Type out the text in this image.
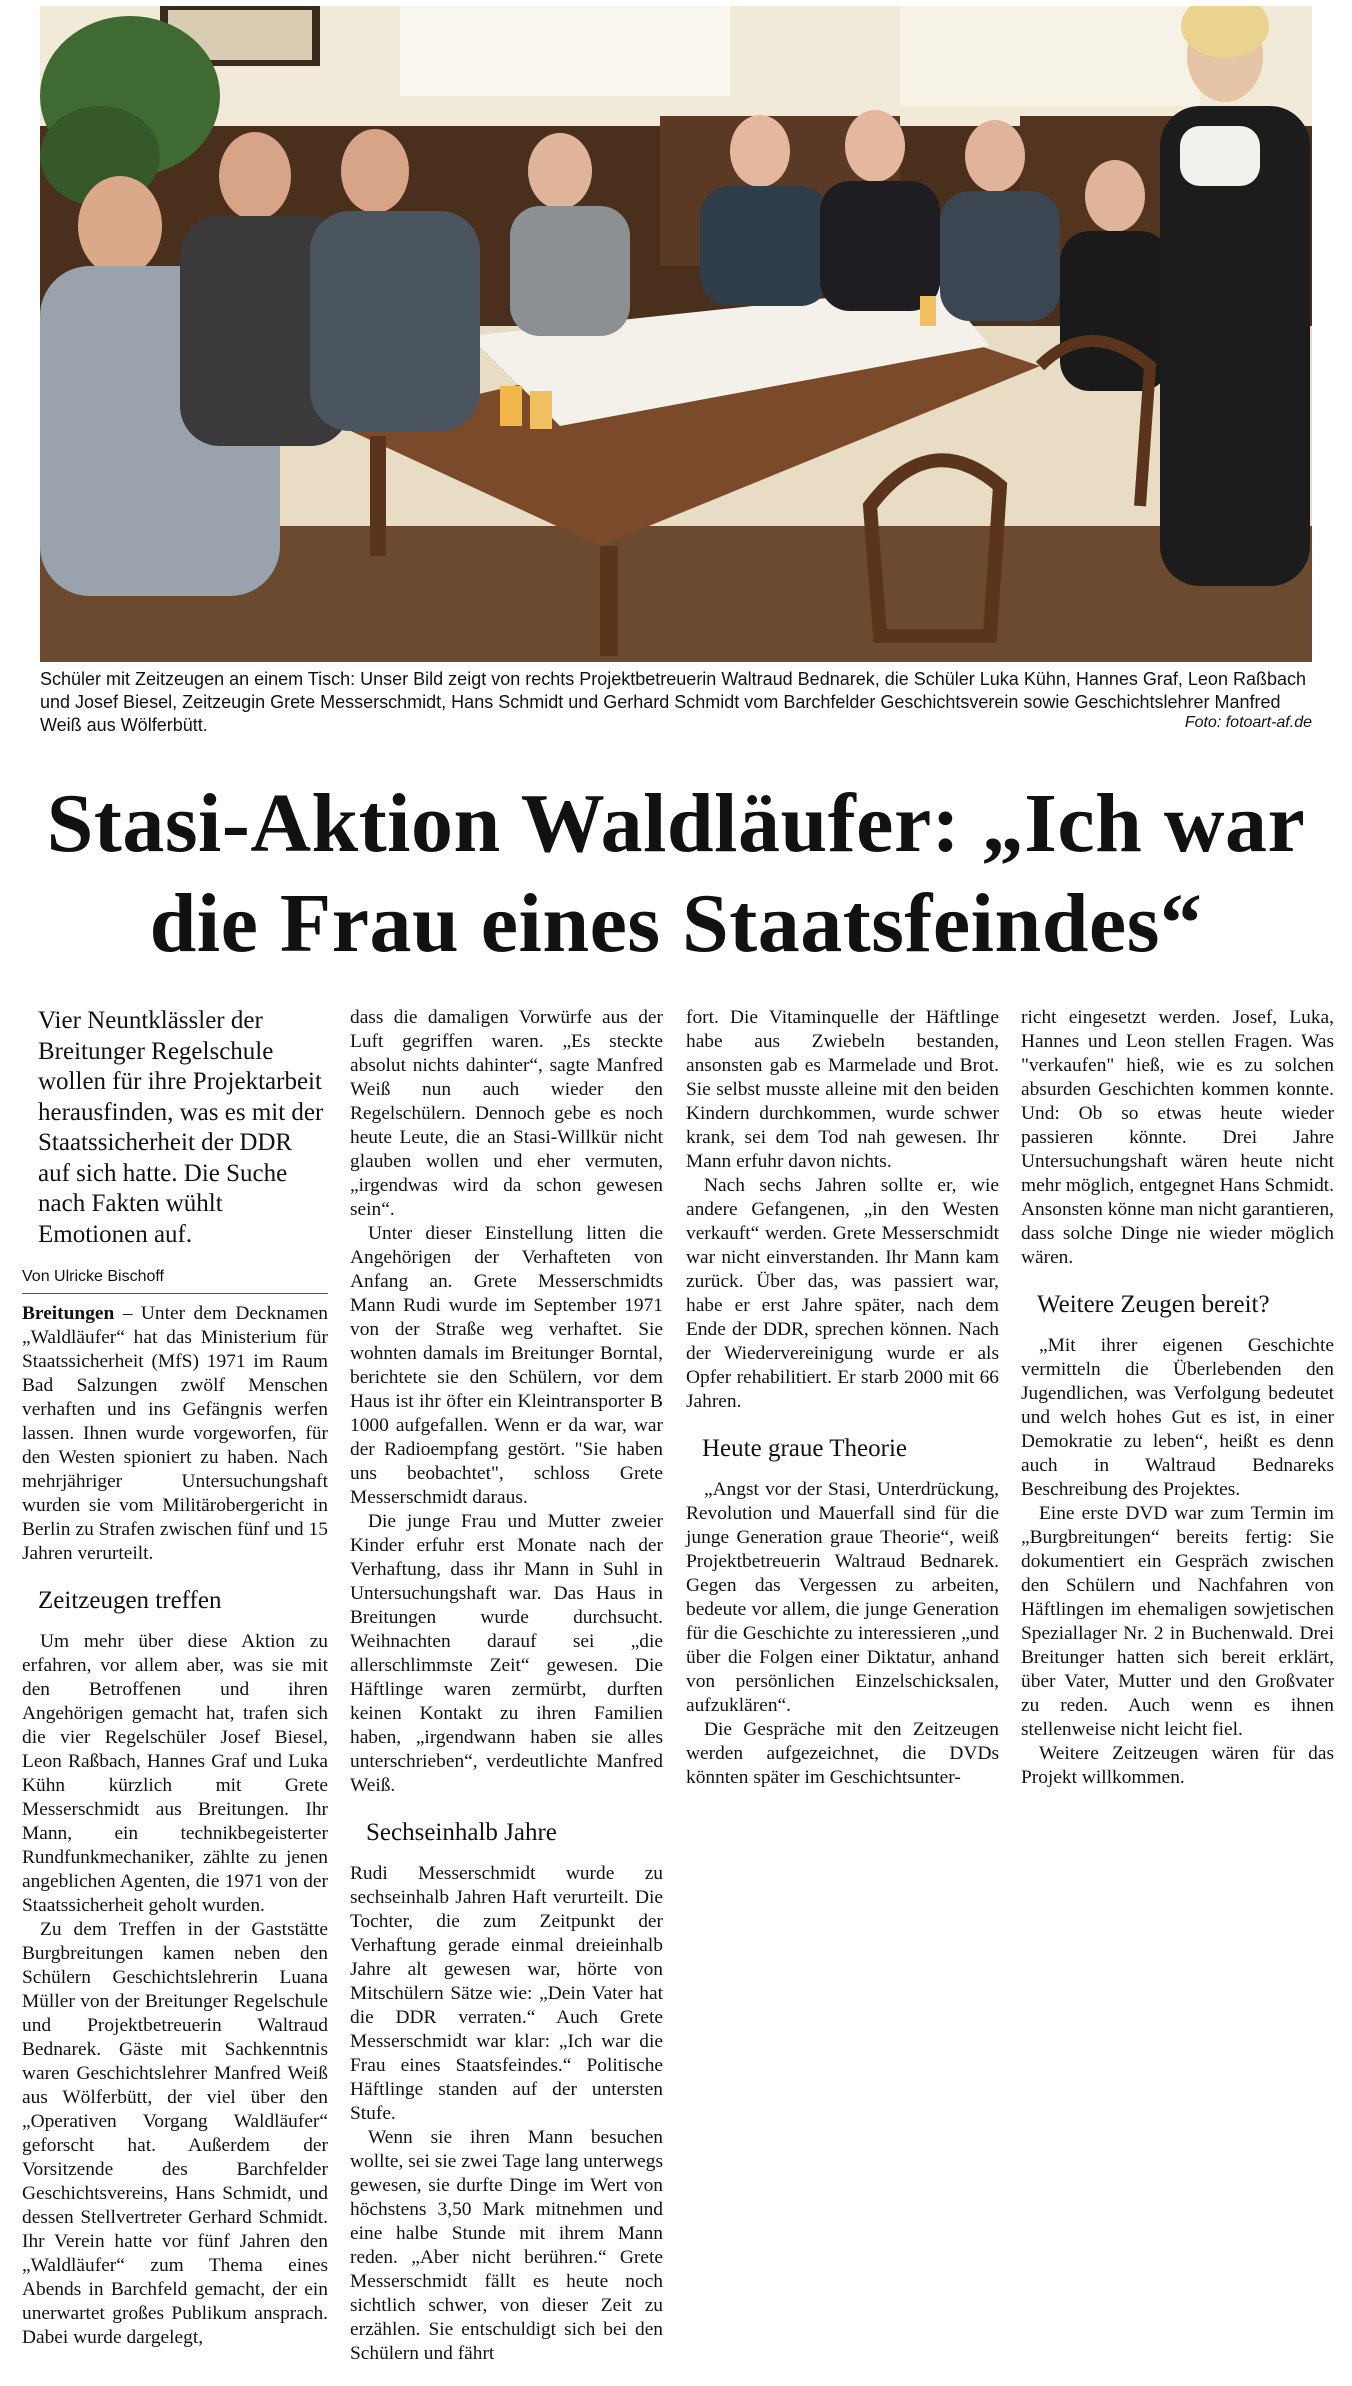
Schüler mit Zeitzeugen an einem Tisch: Unser Bild zeigt von rechts Projektbetreuerin Waltraud Bednarek, die Schüler Luka Kühn, Hannes Graf, Leon Raßbach und Josef Biesel, Zeitzeugin Grete Messerschmidt, Hans Schmidt und Gerhard Schmidt vom Barchfelder Geschichtsverein sowie Geschichtslehrer Manfred Weiß aus Wölferbütt.	Foto: fotoart-af.de
Stasi-Aktion Waldläufer: „Ich war
die Frau eines Staatsfeindes“
Vier Neuntklässler der Breitunger Regelschule wollen für ihre Projektarbeit herausfinden, was es mit der Staatssicherheit der DDR auf sich hatte. Die Suche nach Fakten wühlt Emotionen auf.
Von Ulricke Bischoff

Breitungen – Unter dem Decknamen „Waldläufer“ hat das Ministerium für Staatssicherheit (MfS) 1971 im Raum Bad Salzungen zwölf Menschen verhaften und ins Gefängnis werfen lassen. Ihnen wurde vorgeworfen, für den Westen spioniert zu haben. Nach mehrjähriger Untersuchungshaft wurden sie vom Militärobergericht in Berlin zu Strafen zwischen fünf und 15 Jahren verurteilt.

Zeitzeugen treffen

Um mehr über diese Aktion zu erfahren, vor allem aber, was sie mit den Betroffenen und ihren Angehörigen gemacht hat, trafen sich die vier Regelschüler Josef Biesel, Leon Raßbach, Hannes Graf und Luka Kühn kürzlich mit Grete Messerschmidt aus Breitungen. Ihr Mann, ein technikbegeisterter Rundfunkmechaniker, zählte zu jenen angeblichen Agenten, die 1971 von der Staatssicherheit geholt wurden.

Zu dem Treffen in der Gaststätte Burgbreitungen kamen neben den Schülern Geschichtslehrerin Luana Müller von der Breitunger Regelschule und Projektbetreuerin Waltraud Bednarek. Gäste mit Sachkenntnis waren Geschichtslehrer Manfred Weiß aus Wölferbütt, der viel über den „Operativen Vorgang Waldläufer“ geforscht hat. Außerdem der Vorsitzende des Barchfelder Geschichtsvereins, Hans Schmidt, und dessen Stellvertreter Gerhard Schmidt. Ihr Verein hatte vor fünf Jahren den „Waldläufer“ zum Thema eines Abends in Barchfeld gemacht, der ein unerwartet großes Publikum ansprach. Dabei wurde dargelegt,

dass die damaligen Vorwürfe aus der Luft gegriffen waren. „Es steckte absolut nichts dahinter“, sagte Manfred Weiß nun auch wieder den Regelschülern. Dennoch gebe es noch heute Leute, die an Stasi-Willkür nicht glauben wollen und eher vermuten, „irgendwas wird da schon gewesen sein“.

Unter dieser Einstellung litten die Angehörigen der Verhafteten von Anfang an. Grete Messerschmidts Mann Rudi wurde im September 1971 von der Straße weg verhaftet. Sie wohnten damals im Breitunger Borntal, berichtete sie den Schülern, vor dem Haus ist ihr öfter ein Kleintransporter B 1000 aufgefallen. Wenn er da war, war der Radioempfang gestört. "Sie haben uns beobachtet", schloss Grete Messerschmidt daraus.

Die junge Frau und Mutter zweier Kinder erfuhr erst Monate nach der Verhaftung, dass ihr Mann in Suhl in Untersuchungshaft war. Das Haus in Breitungen wurde durchsucht. Weihnachten darauf sei „die allerschlimmste Zeit“ gewesen. Die Häftlinge waren zermürbt, durften keinen Kontakt zu ihren Familien haben, „irgendwann haben sie alles unterschrieben“, verdeutlichte Manfred Weiß.

Sechseinhalb Jahre

Rudi Messerschmidt wurde zu sechseinhalb Jahren Haft verurteilt. Die Tochter, die zum Zeitpunkt der Verhaftung gerade einmal dreieinhalb Jahre alt gewesen war, hörte von Mitschülern Sätze wie: „Dein Vater hat die DDR verraten.“ Auch Grete Messerschmidt war klar: „Ich war die Frau eines Staatsfeindes.“ Politische Häftlinge standen auf der untersten Stufe.

Wenn sie ihren Mann besuchen wollte, sei sie zwei Tage lang unterwegs gewesen, sie durfte Dinge im Wert von höchstens 3,50 Mark mitnehmen und eine halbe Stunde mit ihrem Mann reden. „Aber nicht berühren.“ Grete Messerschmidt fällt es heute noch sichtlich schwer, von dieser Zeit zu erzählen. Sie entschuldigt sich bei den Schülern und fährt

fort. Die Vitaminquelle der Häftlinge habe aus Zwiebeln bestanden, ansonsten gab es Marmelade und Brot. Sie selbst musste alleine mit den beiden Kindern durchkommen, wurde schwer krank, sei dem Tod nah gewesen. Ihr Mann erfuhr davon nichts.

Nach sechs Jahren sollte er, wie andere Gefangenen, „in den Westen verkauft“ werden. Grete Messerschmidt war nicht einverstanden. Ihr Mann kam zurück. Über das, was passiert war, habe er erst Jahre später, nach dem Ende der DDR, sprechen können. Nach der Wiedervereinigung wurde er als Opfer rehabilitiert. Er starb 2000 mit 66 Jahren.

Heute graue Theorie

„Angst vor der Stasi, Unterdrückung, Revolution und Mauerfall sind für die junge Generation graue Theorie“, weiß Projektbetreuerin Waltraud Bednarek. Gegen das Vergessen zu arbeiten, bedeute vor allem, die junge Generation für die Geschichte zu interessieren „und über die Folgen einer Diktatur, anhand von persönlichen Einzelschicksalen, aufzuklären“.

Die Gespräche mit den Zeitzeugen werden aufgezeichnet, die DVDs könnten später im Geschichtsunter-

richt eingesetzt werden. Josef, Luka, Hannes und Leon stellen Fragen. Was "verkaufen" hieß, wie es zu solchen absurden Geschichten kommen konnte. Und: Ob so etwas heute wieder passieren könnte. Drei Jahre Untersuchungshaft wären heute nicht mehr möglich, entgegnet Hans Schmidt. Ansonsten könne man nicht garantieren, dass solche Dinge nie wieder möglich wären.

Weitere Zeugen bereit?

„Mit ihrer eigenen Geschichte vermitteln die Überlebenden den Jugendlichen, was Verfolgung bedeutet und welch hohes Gut es ist, in einer Demokratie zu leben“, heißt es denn auch in Waltraud Bednareks Beschreibung des Projektes.

Eine erste DVD war zum Termin im „Burgbreitungen“ bereits fertig: Sie dokumentiert ein Gespräch zwischen den Schülern und Nachfahren von Häftlingen im ehemaligen sowjetischen Speziallager Nr. 2 in Buchenwald. Drei Breitunger hatten sich bereit erklärt, über Vater, Mutter und den Großvater zu reden. Auch wenn es ihnen stellenweise nicht leicht fiel.

Weitere Zeitzeugen wären für das Projekt willkommen.
